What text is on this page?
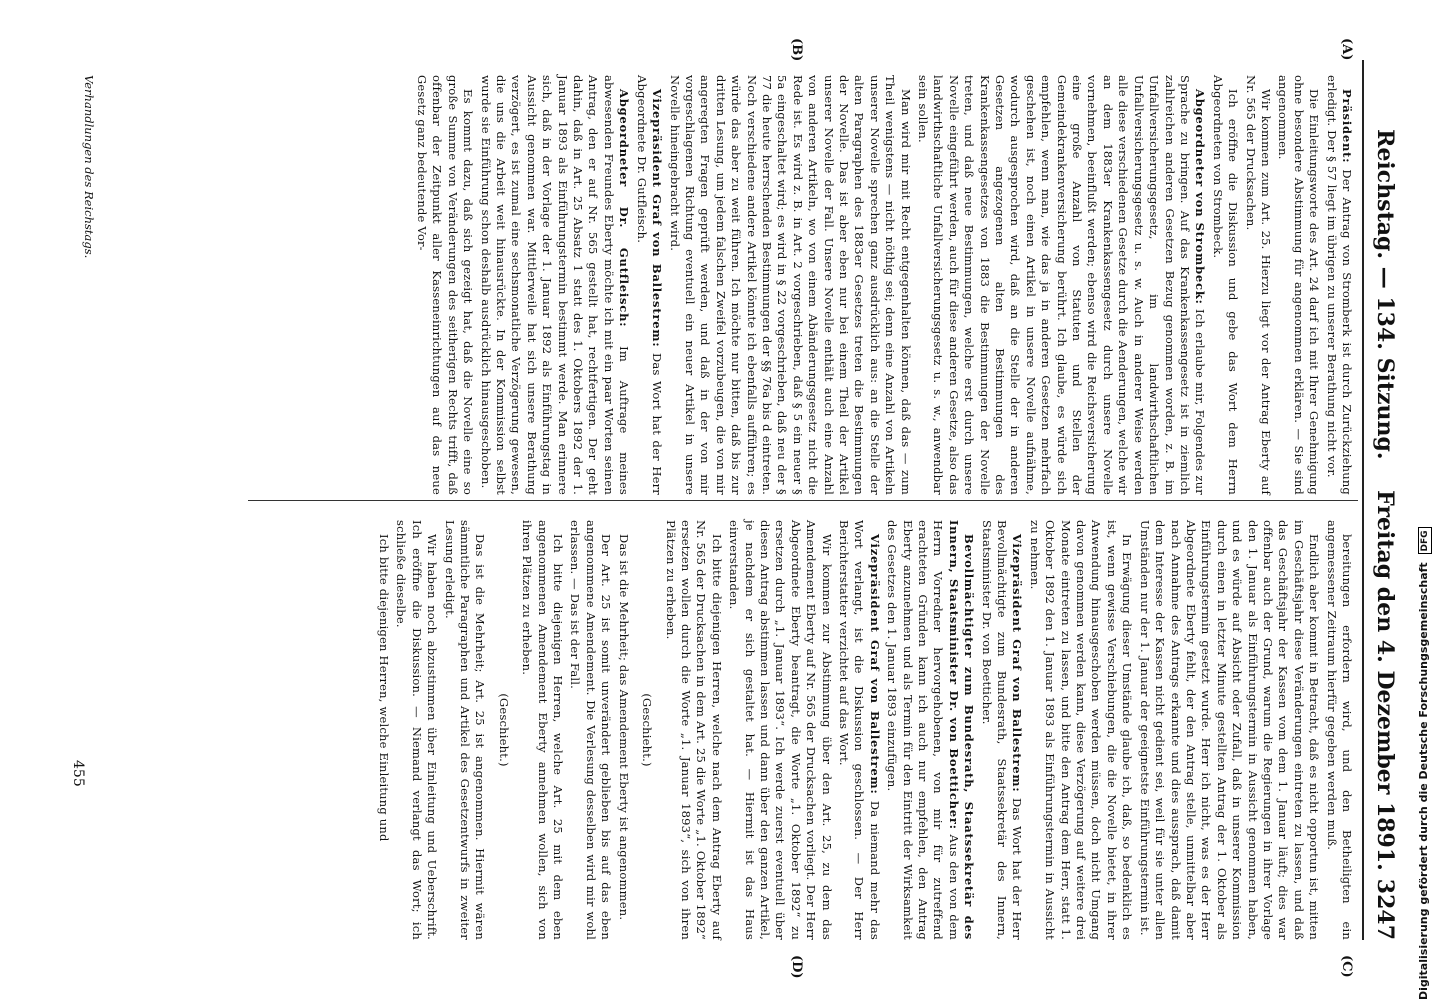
Digitalisierung gefördert durch die Deutsche Forschungsgemeinschaft DFG
Reichstag. — 134. Sitzung.    Freitag den 4. Dezember 1891.
3247
(A)
(B)
(C)
(D)

Präsident: Der Antrag von Stromberk ist durch Zurückziehung erledigt. Der § 57 liegt im übrigen zu unserer Berathung nicht vor.

Die Einleitungsworte des Art. 24 darf ich mit Ihrer Genehmigung ohne besondere Abstimmung für angenommen erklären. — Sie sind angenommen.

Wir kommen zum Art. 25. Hierzu liegt vor der Antrag Eberty auf Nr. 565 der Drucksachen.

Ich eröffne die Diskussion und gebe das Wort dem Herrn Abgeordneten von Strombeck.

Abgeordneter von Strombeck: Ich erlaube mir, Folgendes zur Sprache zu bringen. Auf das Krankenkassengesetz ist in ziemlich zahlreichen anderen Gesetzen Bezug genommen worden, z. B. im Unfallversicherungsgesetz, im landwirthschaftlichen Unfallversicherungsgesetz u. s. w. Auch in anderer Weise werden alle diese verschiedenen Gesetze durch die Aenderungen, welche wir an dem 1883er Krankenkassengesetz durch unsere Novelle vornehmen, beeinflußt werden; ebenso wird die Reichsversicherung eine große Anzahl von Statuten und Stellen der Gemeindekrankenversicherung berührt. Ich glaube, es würde sich empfehlen, wenn man, wie das ja in anderen Gesetzen mehrfach geschehen ist, noch einen Artikel in unsere Novelle aufnähme, wodurch ausgesprochen wird, daß an die Stelle der in anderen Gesetzen angezogenen alten Bestimmungen des Krankenkassengesetzes von 1883 die Bestimmungen der Novelle treten, und daß neue Bestimmungen, welche erst durch unsere Novelle eingeführt werden, auch für diese anderen Gesetze, also das landwirthschaftliche Unfallversicherungsgesetz u. s. w., anwendbar sein sollen.

Man wird mir mit Recht entgegenhalten können, daß das — zum Theil wenigstens — nicht nöthig sei; denn eine Anzahl von Artikeln unserer Novelle sprechen ganz ausdrücklich aus: an die Stelle der alten Paragraphen des 1883er Gesetzes treten die Bestimmungen der Novelle. Das ist aber eben nur bei einem Theil der Artikel unserer Novelle der Fall. Unsere Novelle enthält auch eine Anzahl von anderen Artikeln, wo von einem Abänderungsgesetz nicht die Rede ist. Es wird z. B. in Art. 2 vorgeschrieben, daß § 5 ein neuer § 5a eingeschaltet wird; es wird in § 22 vorgeschrieben, daß neu der § 77 die heute herrschenden Bestimmungen der §§ 76a bis d eintreten. Noch verschiedene andere Artikel könnte ich ebenfalls aufführen; es würde das aber zu weit führen. Ich möchte nur bitten, daß bis zur dritten Lesung, um jedem falschen Zweifel vorzubeugen, die von mir angeregten Fragen geprüft werden, und daß in der von mir vorgeschlagenen Richtung eventuell ein neuer Artikel in unsere Novelle hineingebracht wird.

Vizepräsident Graf von Ballestrem: Das Wort hat der Herr Abgeordnete Dr. Gutfleisch.

Abgeordneter Dr. Gutfleisch: Im Auftrage meines abwesenden Freundes Eberty möchte ich mit ein paar Worten seinen Antrag, den er auf Nr. 565 gestellt hat, rechtfertigen. Der geht dahin, daß in Art. 25 Absatz 1 statt des 1. Oktobers 1892 der 1. Januar 1893 als Einführungstermin bestimmt werde. Man erinnere sich, daß in der Vorlage der 1. Januar 1892 als Einführungstag in Aussicht genommen war. Mittlerweile hat sich unsere Berathung verzögert, es ist zumal eine sechsmonatliche Verzögerung gewesen, die uns die Arbeit weit hinausrückte. In der Kommission selbst wurde sie Einführung schon deshalb ausdrücklich hinausgeschoben.

Es kommt dazu, daß sich gezeigt hat, daß die Novelle eine so große Summe von Veränderungen des seitherigen Rechts trifft, daß offenbar der Zeitpunkt aller Kasseneinrichtungen auf das neue Gesetz ganz bedeutende Vor-

bereitungen erfordern wird, und den Betheiligten ein angemessener Zeitraum hierfür gegeben werden muß.

Endlich aber kommt in Betracht, daß es nicht opportun ist, mitten im Geschäftsjahr diese Veränderungen eintreten zu lassen, und daß das Geschäftsjahr der Kassen vom dem 1. Januar läuft; dies war offenbar auch der Grund, warum die Regierungen in ihrer Vorlage den 1. Januar als Einführungstermin in Aussicht genommen haben, und es würde auf Absicht oder Zufall, daß in unserer Kommission durch einen in letzter Minute gestellten Antrag der 1. Oktober als Einführungstermin gesetzt wurde. Herr ich nicht, was es der Herr Abgeordnete Eberty fehlt, der den Antrag stelle, unmittelbar aber nach Annahme des Antrags erkannte und dies aussprach, daß damit dem Interesse der Kassen nicht gedient sei, weil für sie unter allen Umständen nur der 1. Januar der geeignetste Einführungstermin ist.

In Erwägung dieser Umstände glaube ich, daß, so bedenklich es ist, wenn gewisse Verschiebungen, die die Novelle bietet, in ihrer Anwendung hinausgeschoben werden müssen, doch nicht Umgang davon genommen werden kann, diese Verzögerung auf weitere drei Monate eintreten zu lassen, und bitte den Antrag dem Herr, statt 1. Oktober 1892 den 1. Januar 1893 als Einführungstermin in Aussicht zu nehmen.

Vizepräsident Graf von Ballestrem: Das Wort hat der Herr Bevollmächtigte zum Bundesrath, Staatssekretär des Innern, Staatsminister Dr. von Boetticher.

Bevollmächtigter zum Bundesrath, Staatssekretär des Innern, Staatsminister Dr. von Boetticher: Aus den von dem Herrn Vorredner hervorgehobenen, von mir für zutreffend erachteten Gründen kann ich auch nur empfehlen, den Antrag Eberty anzunehmen und als Termin für den Eintritt der Wirksamkeit des Gesetzes den 1. Januar 1893 einzufügen.

Vizepräsident Graf von Ballestrem: Da niemand mehr das Wort verlangt, ist die Diskussion geschlossen. — Der Herr Berichterstatter verzichtet auf das Wort.

Wir kommen zur Abstimmung über den Art. 25, zu dem das Amendement Eberty auf Nr. 565 der Drucksachen vorliegt. Der Herr Abgeordnete Eberty beantragt, die Worte „1. Oktober 1892“ zu ersetzen durch „1. Januar 1893“. Ich werde zuerst eventuell über diesen Antrag abstimmen lassen und dann über den ganzen Artikel, je nachdem er sich gestaltet hat. — Hiermit ist das Haus einverstanden.

Ich bitte diejenigen Herren, welche nach dem Antrag Eberty auf Nr. 565 der Drucksachen in dem Art. 25 die Worte „1. Oktober 1892“ ersetzen wollen durch die Worte „1. Januar 1893“, sich von ihren Plätzen zu erheben.

(Geschieht.)

Das ist die Mehrheit; das Amendement Eberty ist angenommen.

Der Art. 25 ist somit unverändert geblieben bis auf das eben angenommene Amendement. Die Verlesung desselben wird mir wohl erlassen. — Das ist der Fall.

Ich bitte diejenigen Herren, welche Art. 25 mit dem eben angenommenen Amendement Eberty annehmen wollen, sich von ihren Plätzen zu erheben.

(Geschieht.)

Das ist die Mehrheit; Art. 25 ist angenommen. Hiermit wären sämmtliche Paragraphen und Artikel des Gesetzentwurfs in zweiter Lesung erledigt.

Wir haben noch abzustimmen über Einleitung und Ueberschrift. Ich eröffne die Diskussion. — Niemand verlangt das Wort; ich schließe dieselbe.

Ich bitte diejenigen Herren, welche Einleitung und

Verhandlungen des Reichstags.
455
